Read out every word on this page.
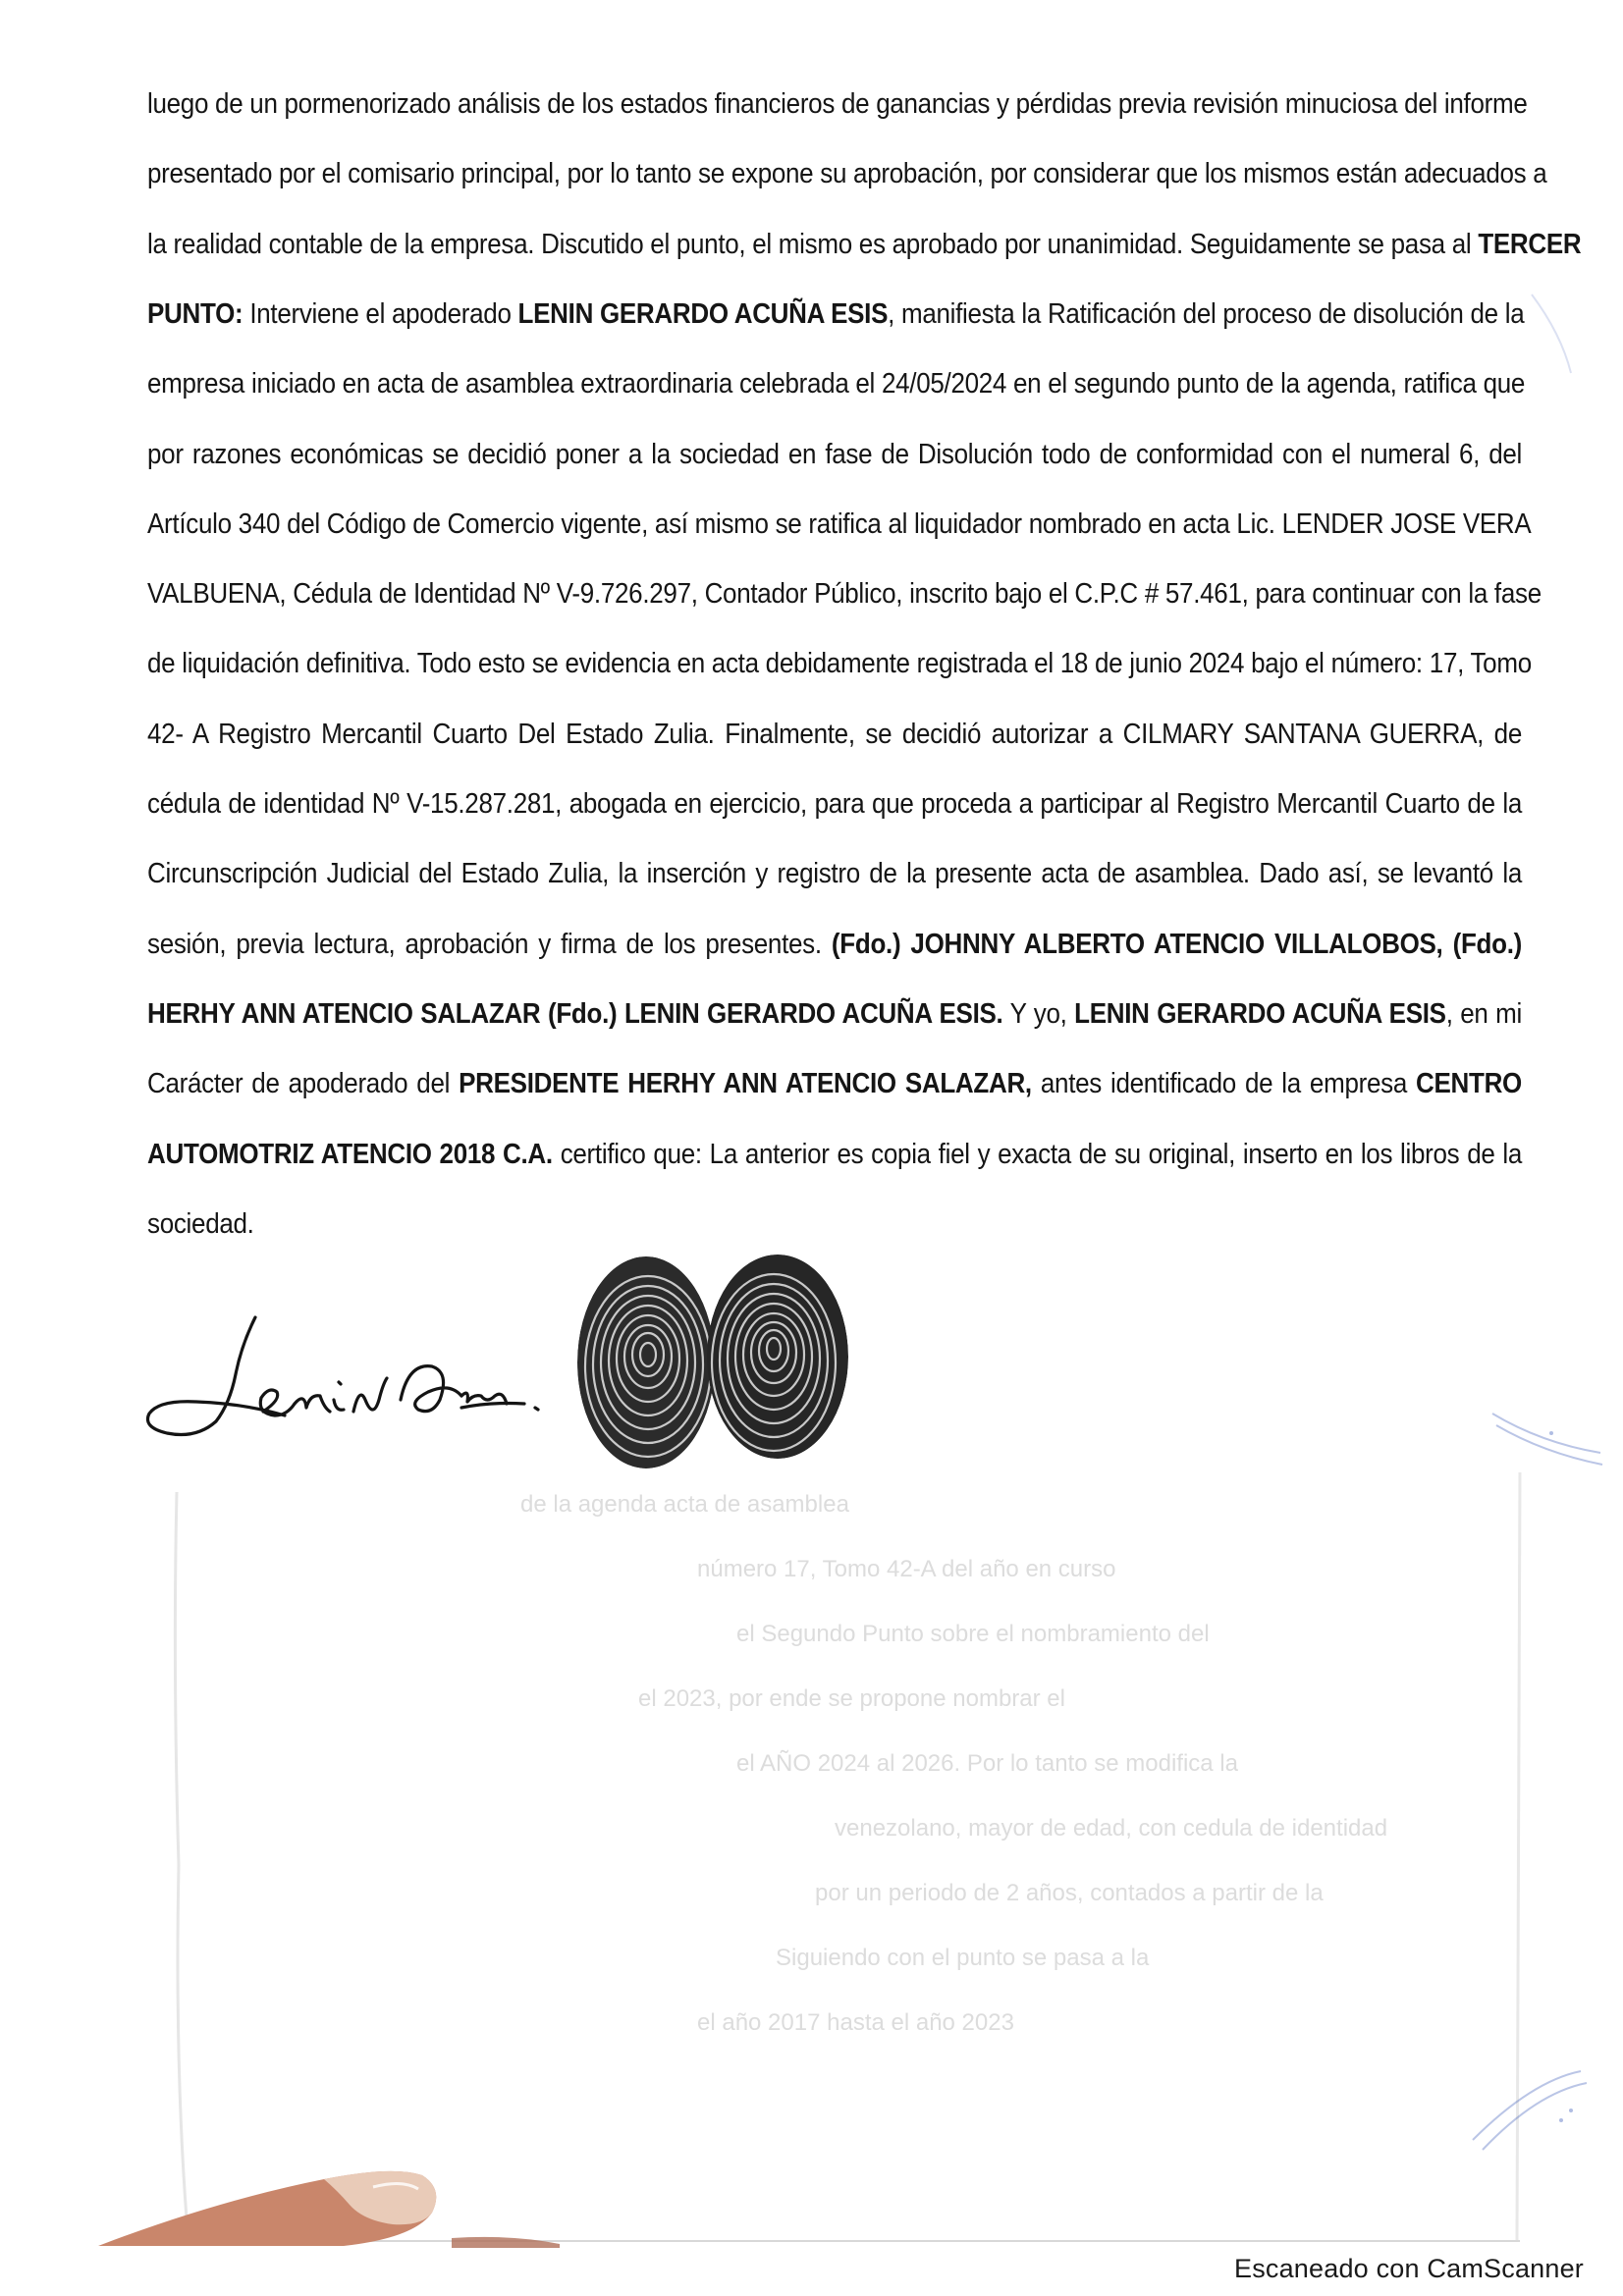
de la agenda acta de asamblea
número 17, Tomo 42-A del año en curso
el Segundo Punto sobre el nombramiento del
el 2023, por ende se propone nombrar el
el AÑO 2024 al 2026. Por lo tanto se modifica la
venezolano, mayor de edad, con cedula de identidad
por un periodo de 2 años, contados a partir de la
Siguiendo con el punto se pasa a la
el año 2017 hasta el año 2023
luego de un pormenorizado análisis de los estados financieros de ganancias y pérdidas previa revisión minuciosa del informe
presentado por el comisario principal, por lo tanto se expone su aprobación, por considerar que los mismos están adecuados a
la realidad contable de la empresa. Discutido el punto, el mismo es aprobado por unanimidad. Seguidamente se pasa al TERCER
PUNTO: Interviene el apoderado LENIN GERARDO ACUÑA ESIS, manifiesta la Ratificación del proceso de disolución de la
empresa iniciado en acta de asamblea extraordinaria celebrada el 24/05/2024 en el segundo punto de la agenda, ratifica que
por razones económicas se decidió poner a la sociedad en fase de Disolución todo de conformidad con el numeral 6, del
Artículo 340 del Código de Comercio vigente, así mismo se ratifica al liquidador nombrado en acta Lic. LENDER JOSE VERA
VALBUENA, Cédula de Identidad Nº V-9.726.297, Contador Público, inscrito bajo el C.P.C # 57.461, para continuar con la fase
de liquidación definitiva. Todo esto se evidencia en acta debidamente registrada el 18 de junio 2024 bajo el número: 17, Tomo
42- A Registro Mercantil Cuarto Del Estado Zulia. Finalmente, se decidió autorizar a CILMARY SANTANA GUERRA, de
cédula de identidad Nº V-15.287.281, abogada en ejercicio, para que proceda a participar al Registro Mercantil Cuarto de la
Circunscripción Judicial del Estado Zulia, la inserción y registro de la presente acta de asamblea. Dado así, se levantó la
sesión, previa lectura, aprobación y firma de los presentes. (Fdo.) JOHNNY ALBERTO ATENCIO VILLALOBOS, (Fdo.)
HERHY ANN ATENCIO SALAZAR (Fdo.) LENIN GERARDO ACUÑA ESIS. Y yo, LENIN GERARDO ACUÑA ESIS, en mi
Carácter de apoderado del PRESIDENTE HERHY ANN ATENCIO SALAZAR, antes identificado de la empresa CENTRO
AUTOMOTRIZ ATENCIO 2018 C.A. certifico que: La anterior es copia fiel y exacta de su original, inserto en los libros de la
sociedad.
Escaneado con CamScanner
